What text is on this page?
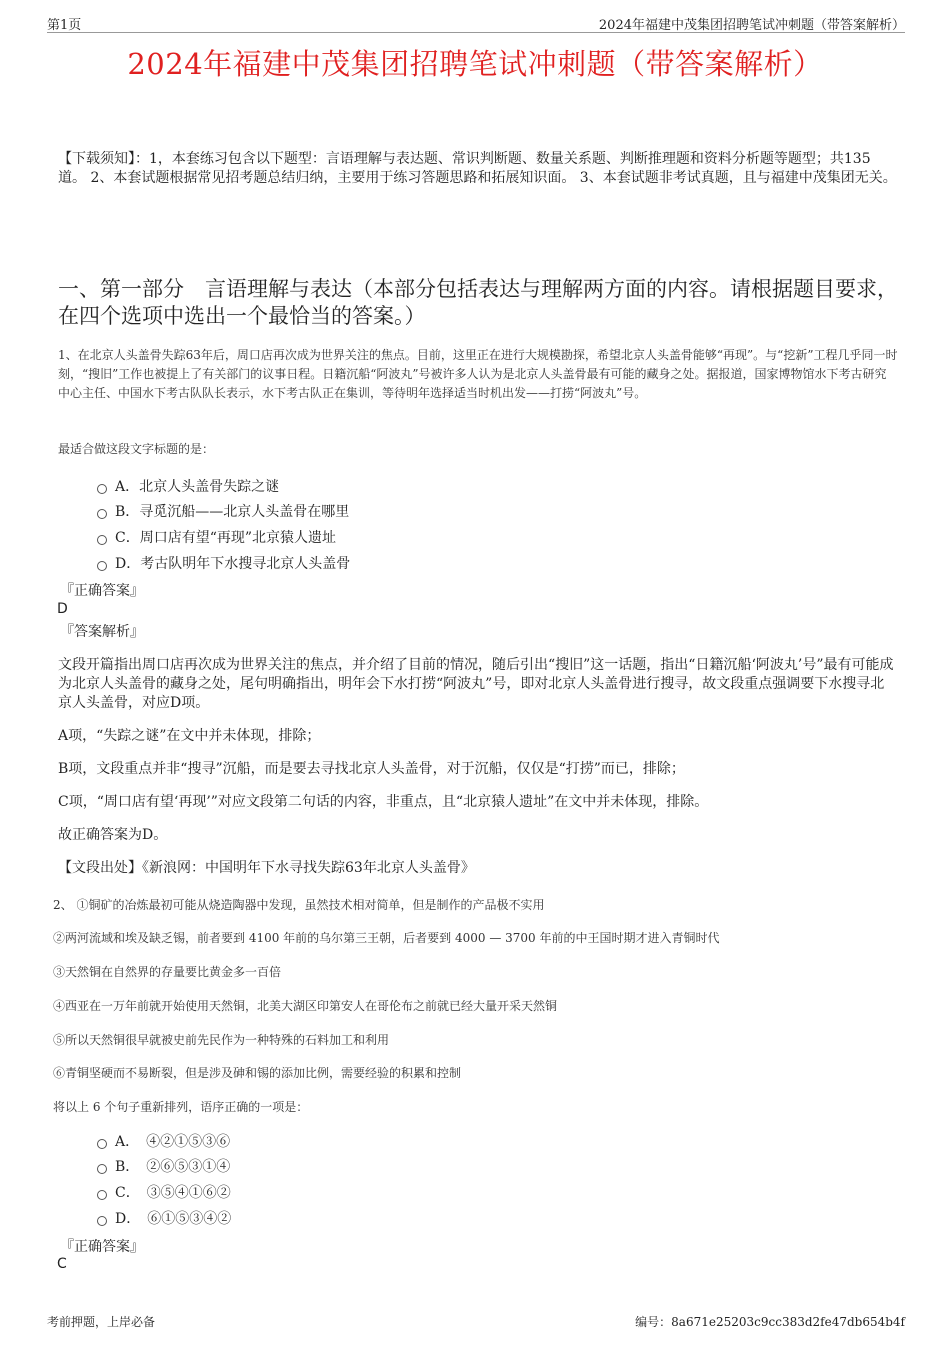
第1页	2024年福建中茂集团招聘笔试冲刺题（带答案解析）
2024年福建中茂集团招聘笔试冲刺题（带答案解析）
【下载须知】：1，本套练习包含以下题型：言语理解与表达题、常识判断题、数量关系题、判断推理题和资料分析题等题型；共135道。 2、本套试题根据常见招考题总结归纳，主要用于练习答题思路和拓展知识面。 3、本套试题非考试真题，且与福建中茂集团无关。
一、第一部分　言语理解与表达（本部分包括表达与理解两方面的内容。请根据题目要求，在四个选项中选出一个最恰当的答案。）
1、在北京人头盖骨失踪63年后，周口店再次成为世界关注的焦点。目前，这里正在进行大规模勘探，希望北京人头盖骨能够“再现”。与“挖新”工程几乎同一时刻，“搜旧”工作也被提上了有关部门的议事日程。日籍沉船“阿波丸”号被许多人认为是北京人头盖骨最有可能的藏身之处。据报道，国家博物馆水下考古研究中心主任、中国水下考古队队长表示，水下考古队正在集训，等待明年选择适当时机出发——打捞“阿波丸”号。
最适合做这段文字标题的是：
A．北京人头盖骨失踪之谜
B．寻觅沉船——北京人头盖骨在哪里
C．周口店有望“再现”北京猿人遗址
D．考古队明年下水搜寻北京人头盖骨
『正确答案』
D
『答案解析』
文段开篇指出周口店再次成为世界关注的焦点，并介绍了目前的情况，随后引出“搜旧”这一话题，指出“日籍沉船‘阿波丸’号”最有可能成为北京人头盖骨的藏身之处，尾句明确指出，明年会下水打捞“阿波丸”号，即对北京人头盖骨进行搜寻，故文段重点强调要下水搜寻北京人头盖骨，对应D项。
A项，“失踪之谜”在文中并未体现，排除；
B项，文段重点并非“搜寻”沉船，而是要去寻找北京人头盖骨，对于沉船，仅仅是“打捞”而已，排除；
C项，“周口店有望‘再现’”对应文段第二句话的内容，非重点，且“北京猿人遗址”在文中并未体现，排除。
故正确答案为D。
【文段出处】《新浪网：中国明年下水寻找失踪63年北京人头盖骨》
2、 ①铜矿的冶炼最初可能从烧造陶器中发现，虽然技术相对简单，但是制作的产品极不实用
②两河流域和埃及缺乏锡，前者要到 4100 年前的乌尔第三王朝，后者要到 4000 — 3700 年前的中王国时期才进入青铜时代
③天然铜在自然界的存量要比黄金多一百倍
④西亚在一万年前就开始使用天然铜，北美大湖区印第安人在哥伦布之前就已经大量开采天然铜
⑤所以天然铜很早就被史前先民作为一种特殊的石料加工和利用
⑥青铜坚硬而不易断裂，但是涉及砷和锡的添加比例，需要经验的积累和控制
将以上 6 个句子重新排列，语序正确的一项是：
A．　④②①⑤③⑥
B．　②⑥⑤③①④
C．　③⑤④①⑥②
D．　⑥①⑤③④②
『正确答案』
C
考前押题，上岸必备	编号：8a671e25203c9cc383d2fe47db654b4f
